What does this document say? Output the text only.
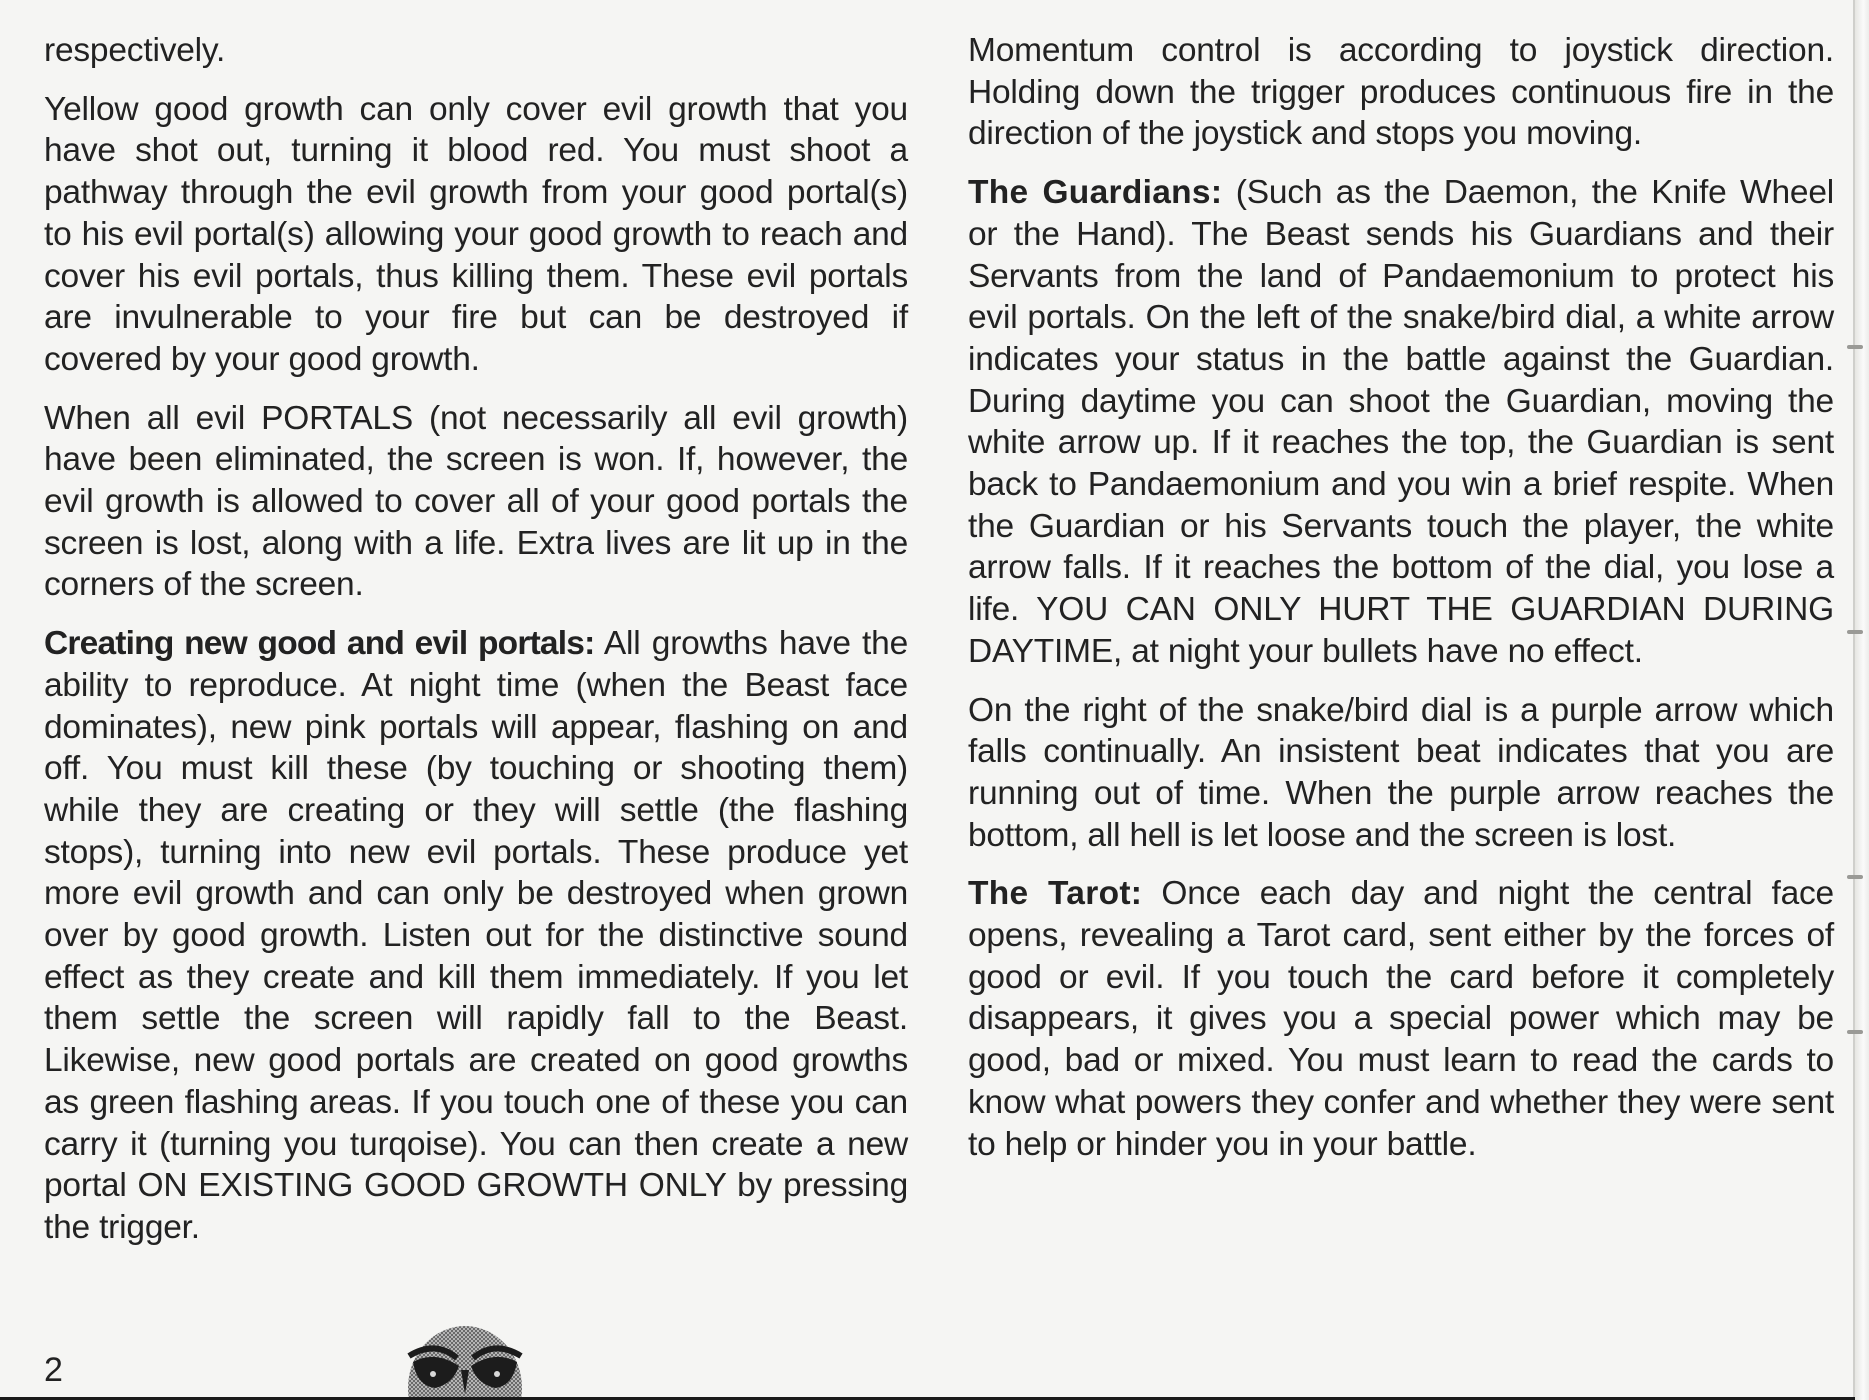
respectively.

Yellow good growth can only cover evil growth that you have shot out, turning it blood red. You must shoot a pathway through the evil growth from your good portal(s) to his evil portal(s) allowing your good growth to reach and cover his evil portals, thus killing them. These evil portals are invulnerable to your fire but can be destroyed if covered by your good growth.

When all evil PORTALS (not necessarily all evil growth) have been eliminated, the screen is won. If, however, the evil growth is allowed to cover all of your good portals the screen is lost, along with a life. Extra lives are lit up in the corners of the screen.

Creating new good and evil portals: All growths have the ability to reproduce. At night time (when the Beast face dominates), new pink portals will appear, flashing on and off. You must kill these (by touching or shooting them) while they are creating or they will settle (the flashing stops), turning into new evil portals. These produce yet more evil growth and can only be destroyed when grown over by good growth. Listen out for the distinctive sound effect as they create and kill them immediately. If you let them settle the screen will rapidly fall to the Beast. Likewise, new good portals are created on good growths as green flashing areas. If you touch one of these you can carry it (turning you turqoise). You can then create a new portal ON EXISTING GOOD GROWTH ONLY by pressing the trigger.

Momentum control is according to joystick direction. Holding down the trigger produces continuous fire in the direction of the joystick and stops you moving.

The Guardians: (Such as the Daemon, the Knife Wheel or the Hand). The Beast sends his Guardians and their Servants from the land of Pandaemonium to protect his evil portals. On the left of the snake/bird dial, a white arrow indicates your status in the battle against the Guardian. During daytime you can shoot the Guardian, moving the white arrow up. If it reaches the top, the Guardian is sent back to Pandaemonium and you win a brief respite. When the Guardian or his Servants touch the player, the white arrow falls. If it reaches the bottom of the dial, you lose a life. YOU CAN ONLY HURT THE GUARDIAN DURING DAYTIME, at night your bullets have no effect.

On the right of the snake/bird dial is a purple arrow which falls continually. An insistent beat indicates that you are running out of time. When the purple arrow reaches the bottom, all hell is let loose and the screen is lost.

The Tarot: Once each day and night the central face opens, revealing a Tarot card, sent either by the forces of good or evil. If you touch the card before it completely disappears, it gives you a special power which may be good, bad or mixed. You must learn to read the cards to know what powers they confer and whether they were sent to help or hinder you in your battle.

2
